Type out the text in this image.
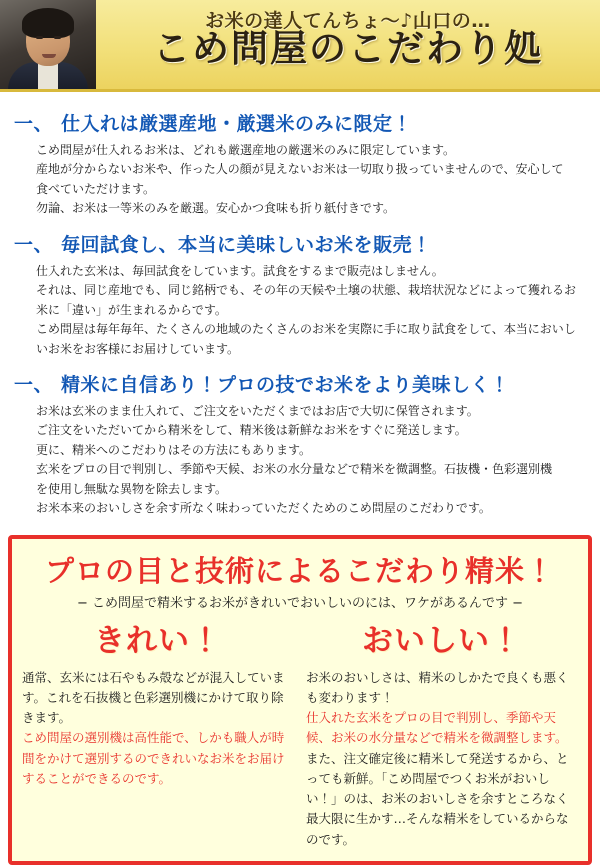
お米の達人てんちょ〜♪山口の…
こめ問屋のこだわり処
一、 仕入れは厳選産地・厳選米のみに限定！

こめ問屋が仕入れるお米は、どれも厳選産地の厳選米のみに限定しています。

産地が分からないお米や、作った人の顔が見えないお米は一切取り扱っていませんので、安心して

食べていただけます。

勿論、お米は一等米のみを厳選。安心かつ食味も折り紙付きです。

一、 毎回試食し、本当に美味しいお米を販売！

仕入れた玄米は、毎回試食をしています。試食をするまで販売はしません。

それは、同じ産地でも、同じ銘柄でも、その年の天候や土壌の状態、栽培状況などによって獲れるお

米に「違い」が生まれるからです。

こめ問屋は毎年毎年、たくさんの地域のたくさんのお米を実際に手に取り試食をして、本当においし

いお米をお客様にお届けしています。

一、 精米に自信あり！プロの技でお米をより美味しく！

お米は玄米のまま仕入れて、ご注文をいただくまではお店で大切に保管されます。

ご注文をいただいてから精米をして、精米後は新鮮なお米をすぐに発送します。

更に、精米へのこだわりはその方法にもあります。

玄米をプロの目で判別し、季節や天候、お米の水分量などで精米を微調整。石抜機・色彩選別機

を使用し無駄な異物を除去します。

お米本来のおいしさを余す所なく味わっていただくためのこめ問屋のこだわりです。

プロの目と技術によるこだわり精米！
− こめ問屋で精米するお米がきれいでおいしいのには、ワケがあるんです −
きれい！

通常、玄米には石やもみ殻などが混入しています。これを石抜機と色彩選別機にかけて取り除きます。

こめ問屋の選別機は高性能で、しかも職人が時間をかけて選別するのできれいなお米をお届けすることができるのです。

おいしい！

お米のおいしさは、精米のしかたで良くも悪くも変わります！

仕入れた玄米をプロの目で判別し、季節や天候、お米の水分量などで精米を微調整します。

また、注文確定後に精米して発送するから、とっても新鮮。「こめ問屋でつくお米がおいしい！」のは、お米のおいしさを余すところなく最大限に生かす…そんな精米をしているからなのです。
